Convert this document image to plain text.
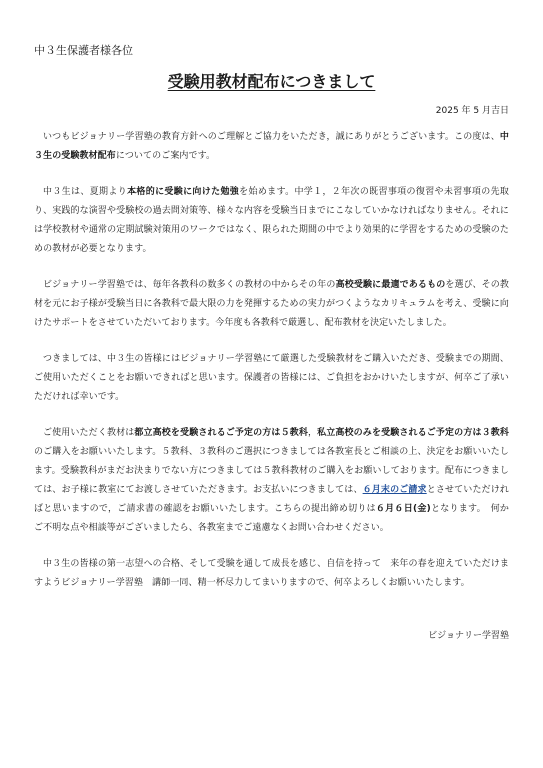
中３生保護者様各位
受験用教材配布につきまして
2025 年 5 月吉日

いつもビジョナリー学習塾の教育方針へのご理解とご協力をいただき，誠にありがとうございます。この度は、中３生の受験教材配布についてのご案内です。

中３生は、夏期より本格的に受験に向けた勉強を始めます。中学１，２年次の既習事項の復習や未習事項の先取り、実践的な演習や受験校の過去問対策等、様々な内容を受験当日までにこなしていかなければなりません。それには学校教材や通常の定期試験対策用のワークではなく、限られた期間の中でより効果的に学習をするための受験のための教材が必要となります。

ビジョナリー学習塾では、毎年各教科の数多くの教材の中からその年の高校受験に最適であるものを選び、その教材を元にお子様が受験当日に各教科で最大限の力を発揮するための実力がつくようなカリキュラムを考え、受験に向けたサポートをさせていただいております。今年度も各教科で厳選し、配布教材を決定いたしました。

つきましては、中３生の皆様にはビジョナリー学習塾にて厳選した受験教材をご購入いただき、受験までの期間、ご使用いただくことをお願いできればと思います。保護者の皆様には、ご負担をおかけいたしますが、何卒ご了承いただければ幸いです。

ご使用いただく教材は都立高校を受験されるご予定の方は５教科，私立高校のみを受験されるご予定の方は３教科のご購入をお願いいたします。５教科、３教科のご選択につきましては各教室長とご相談の上、決定をお願いいたします。受験教科がまだお決まりでない方につきましては５教科教材のご購入をお願いしております。配布につきましては、お子様に教室にてお渡しさせていただきます。お支払いにつきましては、６月末のご請求とさせていただければと思いますので，ご請求書の確認をお願いいたします。こちらの提出締め切りは６月６日(金)となります。　何かご不明な点や相談等がございましたら、各教室までご遠慮なくお問い合わせください。

中３生の皆様の第一志望への合格、そして受験を通して成長を感じ、自信を持って　来年の春を迎えていただけますようビジョナリー学習塾　講師一同、精一杯尽力してまいりますので、何卒よろしくお願いいたします。

ビジョナリー学習塾
